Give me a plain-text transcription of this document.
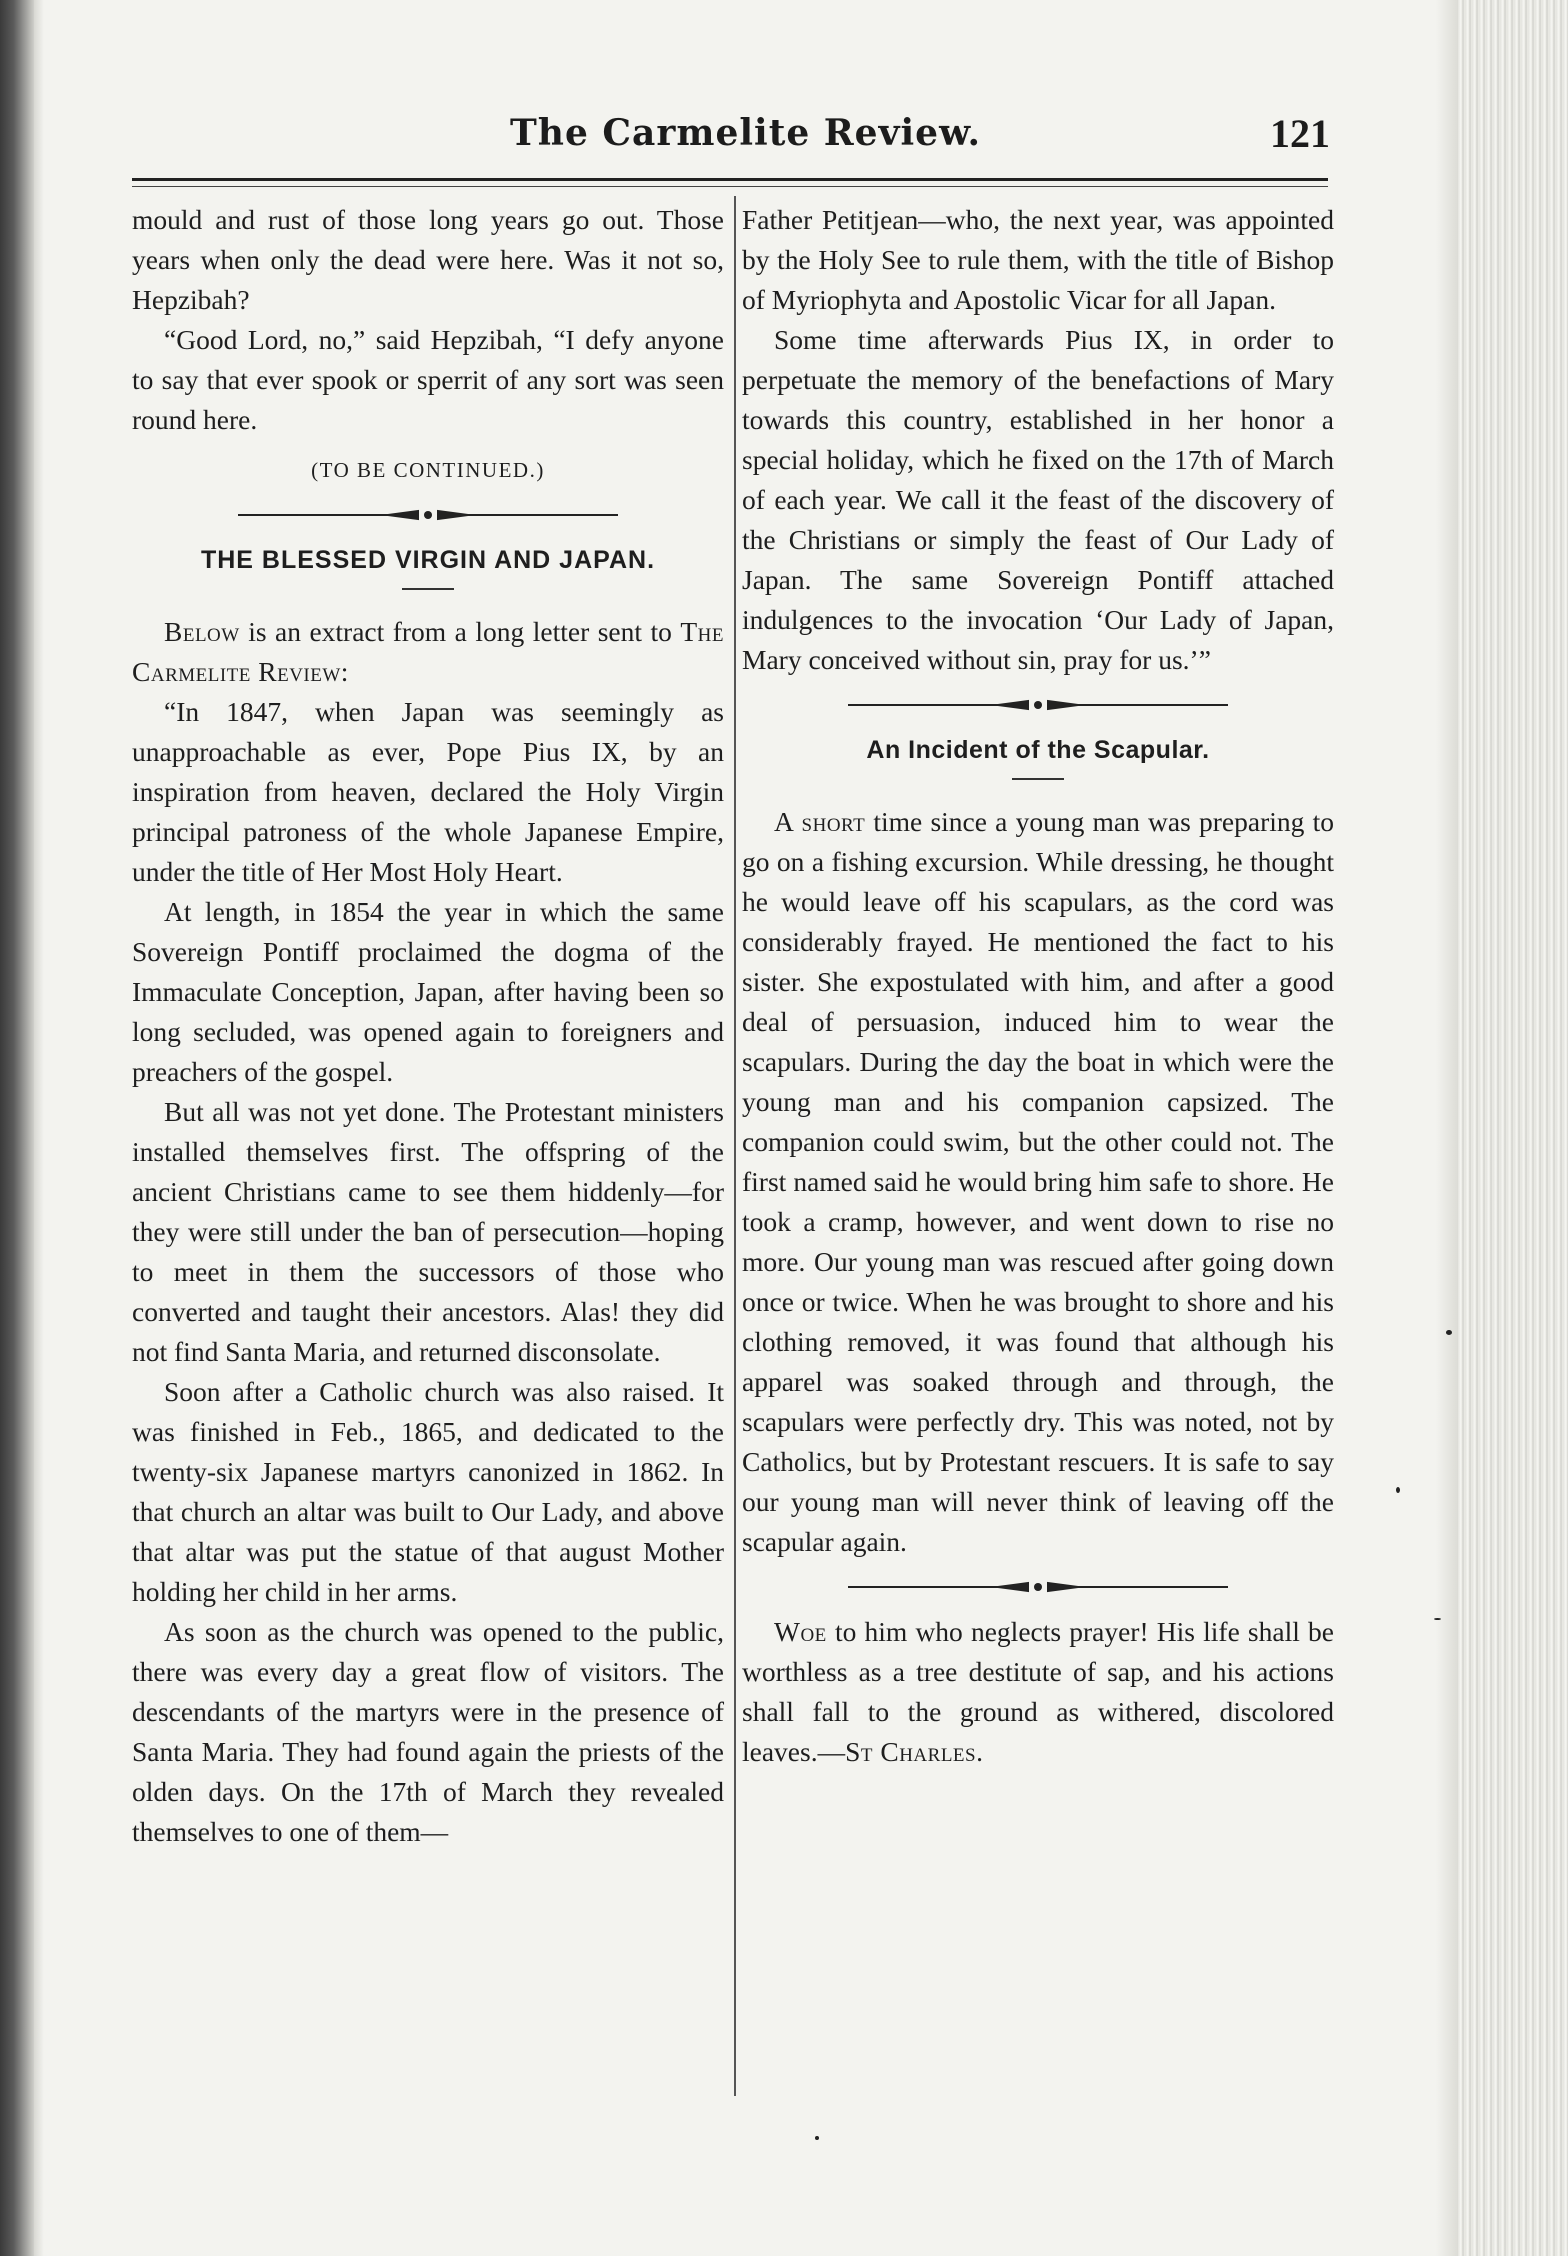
The Carmelite Review.	121

mould and rust of those long years go out. Those years when only the dead were here. Was it not so, Hepzibah?

“Good Lord, no,” said Hepzibah, “I defy anyone to say that ever spook or sperrit of any sort was seen round here.

(TO BE CONTINUED.)
THE BLESSED VIRGIN AND JAPAN.

Below is an extract from a long letter sent to The Carmelite Review:

“In 1847, when Japan was seemingly as unapproachable as ever, Pope Pius IX, by an inspiration from heaven, declared the Holy Virgin principal patroness of the whole Japanese Empire, under the title of Her Most Holy Heart.

At length, in 1854 the year in which the same Sovereign Pontiff proclaimed the dogma of the Immaculate Conception, Japan, after having been so long secluded, was opened again to foreigners and preachers of the gospel.

But all was not yet done. The Protestant ministers installed themselves first. The offspring of the ancient Christians came to see them hiddenly—for they were still under the ban of persecution—hoping to meet in them the successors of those who converted and taught their ancestors. Alas! they did not find Santa Maria, and returned disconsolate.

Soon after a Catholic church was also raised. It was finished in Feb., 1865, and dedicated to the twenty-six Japanese martyrs canonized in 1862. In that church an altar was built to Our Lady, and above that altar was put the statue of that august Mother holding her child in her arms.

As soon as the church was opened to the public, there was every day a great flow of visitors. The descendants of the martyrs were in the presence of Santa Maria. They had found again the priests of the olden days. On the 17th of March they revealed themselves to one of them—

Father Petitjean—who, the next year, was appointed by the Holy See to rule them, with the title of Bishop of Myriophyta and Apostolic Vicar for all Japan.

Some time afterwards Pius IX, in order to perpetuate the memory of the benefactions of Mary towards this country, established in her honor a special holiday, which he fixed on the 17th of March of each year. We call it the feast of the discovery of the Christians or simply the feast of Our Lady of Japan. The same Sovereign Pontiff attached indulgences to the invocation ‘Our Lady of Japan, Mary conceived without sin, pray for us.’”

An Incident of the Scapular.

A short time since a young man was preparing to go on a fishing excursion. While dressing, he thought he would leave off his scapulars, as the cord was considerably frayed. He mentioned the fact to his sister. She expostulated with him, and after a good deal of persuasion, induced him to wear the scapulars. During the day the boat in which were the young man and his companion capsized. The companion could swim, but the other could not. The first named said he would bring him safe to shore. He took a cramp, however, and went down to rise no more. Our young man was rescued after going down once or twice. When he was brought to shore and his clothing removed, it was found that although his apparel was soaked through and through, the scapulars were perfectly dry. This was noted, not by Catholics, but by Protestant rescuers. It is safe to say our young man will never think of leaving off the scapular again.

Woe to him who neglects prayer! His life shall be worthless as a tree destitute of sap, and his actions shall fall to the ground as withered, discolored leaves.—St Charles.
